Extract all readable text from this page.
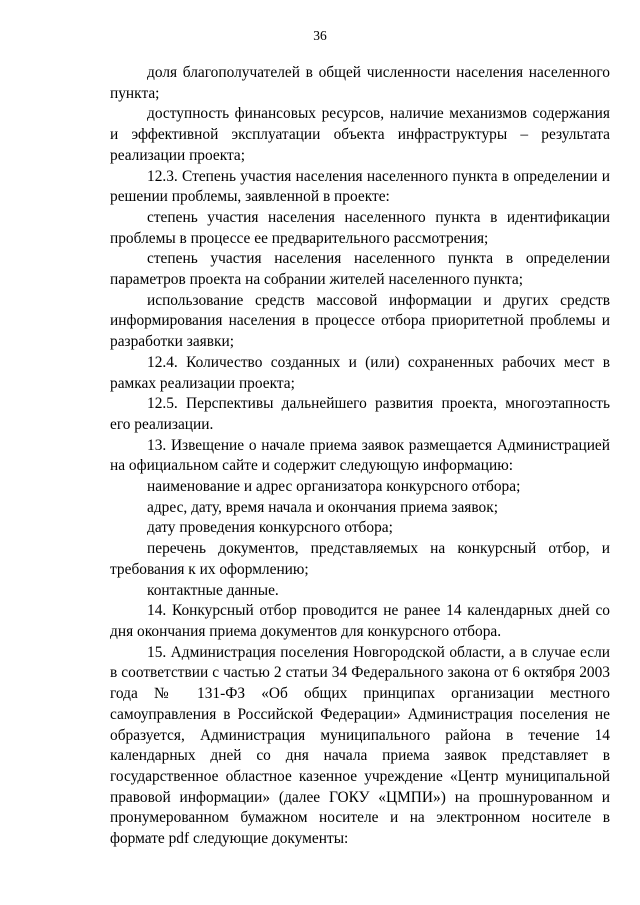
36

доля благополучателей в общей численности населения населенного пункта;

доступность финансовых ресурсов, наличие механизмов содержания и эффективной эксплуатации объекта инфраструктуры – результата реализации проекта;

12.3. Степень участия населения населенного пункта в определении и решении проблемы, заявленной в проекте:

степень участия населения населенного пункта в идентификации проблемы в процессе ее предварительного рассмотрения;

степень участия населения населенного пункта в определении параметров проекта на собрании жителей населенного пункта;

использование средств массовой информации и других средств информирования населения в процессе отбора приоритетной проблемы и разработки заявки;

12.4. Количество созданных и (или) сохраненных рабочих мест в рамках реализации проекта;

12.5. Перспективы дальнейшего развития проекта, многоэтапность его реализации.

13. Извещение о начале приема заявок размещается Администрацией на официальном сайте и содержит следующую информацию:

наименование и адрес организатора конкурсного отбора;

адрес, дату, время начала и окончания приема заявок;

дату проведения конкурсного отбора;

перечень документов, представляемых на конкурсный отбор, и требования к их оформлению;

контактные данные.

14. Конкурсный отбор проводится не ранее 14 календарных дней со дня окончания приема документов для конкурсного отбора.

15. Администрация поселения Новгородской области, а в случае если в соответствии с частью 2 статьи 34 Федерального закона от 6 октября 2003 года № 131-ФЗ «Об общих принципах организации местного самоуправления в Российской Федерации» Администрация поселения не образуется, Администрация муниципального района в течение 14 календарных дней со дня начала приема заявок представляет в государственное областное казенное учреждение «Центр муниципальной правовой информации» (далее ГОКУ «ЦМПИ») на прошнурованном и пронумерованном бумажном носителе и на электронном носителе в формате pdf следующие документы:
